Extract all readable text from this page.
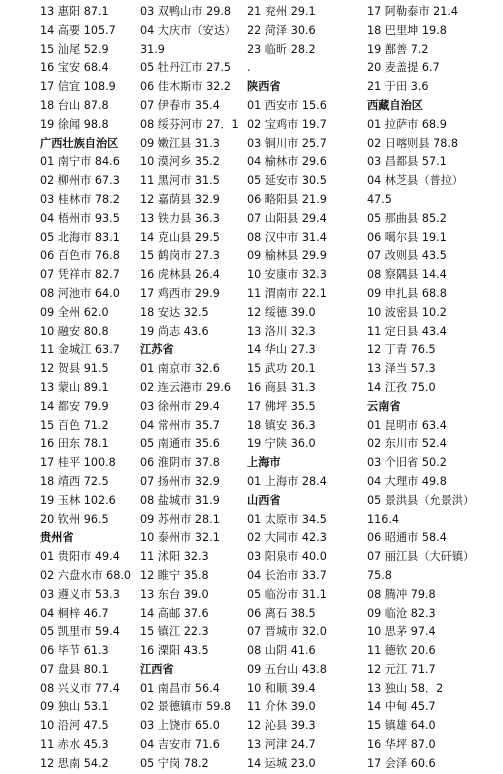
13 惠阳 87.1
14 高要 105.7
15 汕尾 52.9
16 宝安 68.4
17 信宜 108.9
18 台山 87.8
19 徐闻 98.8
广西壮族自治区
01 南宁市 84.6
02 柳州市 67.3
03 桂林市 78.2
04 梧州市 93.5
05 北海市 83.1
06 百色市 76.8
07 凭祥市 82.7
08 河池市 64.0
09 全州 62.0
10 融安 80.8
11 金城江 63.7
12 贺县 91.5
13 蒙山 89.1
14 都安 79.9
15 百色 71.2
16 田东 78.1
17 桂平 100.8
18 靖西 72.5
19 玉林 102.6
20 钦州 96.5
贵州省
01 贵阳市 49.4
02 六盘水市 68.0
03 遵义市 53.3
04 桐梓 46.7
05 凯里市 59.4
06 毕节 61.3
07 盘县 80.1
08 兴义市 77.4
09 独山 53.1
10 沿河 47.5
11 赤水 45.3
12 思南 54.2
03 双鸭山市 29.8
04 大庆市（安达）
31.9
05 牡丹江市 27.5
06 佳木斯市 32.2
07 伊春市 35.4
08 绥芬河市 27．1
09 嫩江县 31.3
10 漠河乡 35.2
11 黑河市 31.5
12 嘉荫县 32.9
13 铁力县 36.3
14 克山县 29.5
15 鹤岗市 27.3
16 虎林县 26.4
17 鸡西市 29.9
18 安达 32.5
19 尚志 43.6
江苏省
01 南京市 32.6
02 连云港市 29.6
03 徐州市 29.4
04 常州市 35.7
05 南通市 35.6
06 淮阴市 37.8
07 扬州市 32.9
08 盐城市 31.9
09 苏州市 28.1
10 泰州市 32.1
11 沭阳 32.3
12 睢宁 35.8
13 东台 39.0
14 高邮 37.6
15 镇江 22.3
16 溧阳 43.5
江西省
01 南昌市 56.4
02 景德镇市 59.8
03 上饶市 65.0
04 吉安市 71.6
05 宁岗 78.2
21 兖州 29.1
22 菏泽 30.6
23 临昕 28.2
.
陕西省
01 西安市 15.6
02 宝鸡市 19.7
03 铜川市 25.7
04 榆林市 29.6
05 延安市 30.5
06 略阳县 21.9
07 山阳县 29.4
08 汉中市 31.4
09 榆林县 29.9
10 安康市 32.3
11 渭南市 22.1
12 绥德 39.0
13 洛川 32.3
14 华山 27.3
15 武功 20.1
16 商县 31.3
17 佛坪 35.5
18 镇安 36.3
19 宁陕 36.0
上海市
01 上海市 28.4
山西省
01 太原市 34.5
02 大同市 42.3
03 阳泉市 40.0
04 长治市 33.7
05 临汾市 31.1
06 离石 38.5
07 晋城市 32.0
08 山阴 41.6
09 五台山 43.8
10 和顺 39.4
11 介休 39.0
12 沁县 39.3
13 河津 24.7
14 运城 23.0
17 阿勒泰市 21.4
18 巴里坤 19.8
19 鄯善 7.2
20 麦盖提 6.7
21 于田 3.6
西藏自治区
01 拉萨市 68.9
02 日喀则县 78.8
03 昌都县 57.1
04 林芝县（普拉）
47.5
05 那曲县 85.2
06 噶尔县 19.1
07 改则县 43.5
08 察隅县 14.4
09 申扎县 68.8
10 波密县 10.2
11 定日县 43.4
12 丁青 76.5
13 泽当 57.3
14 江孜 75.0
云南省
01 昆明市 63.4
02 东川市 52.4
03 个旧省 50.2
04 大理市 49.8
05 景洪县（允景洪）
116.4
06 昭通市 58.4
07 丽江县（大矸镇）
75.8
08 腾冲 79.8
09 临沧 82.3
10 思茅 97.4
11 德钦 20.6
12 元江 71.7
13 独山 58．2
14 中甸 45.7
15 镇雄 64.0
16 华坪 87.0
17 会泽 60.6
